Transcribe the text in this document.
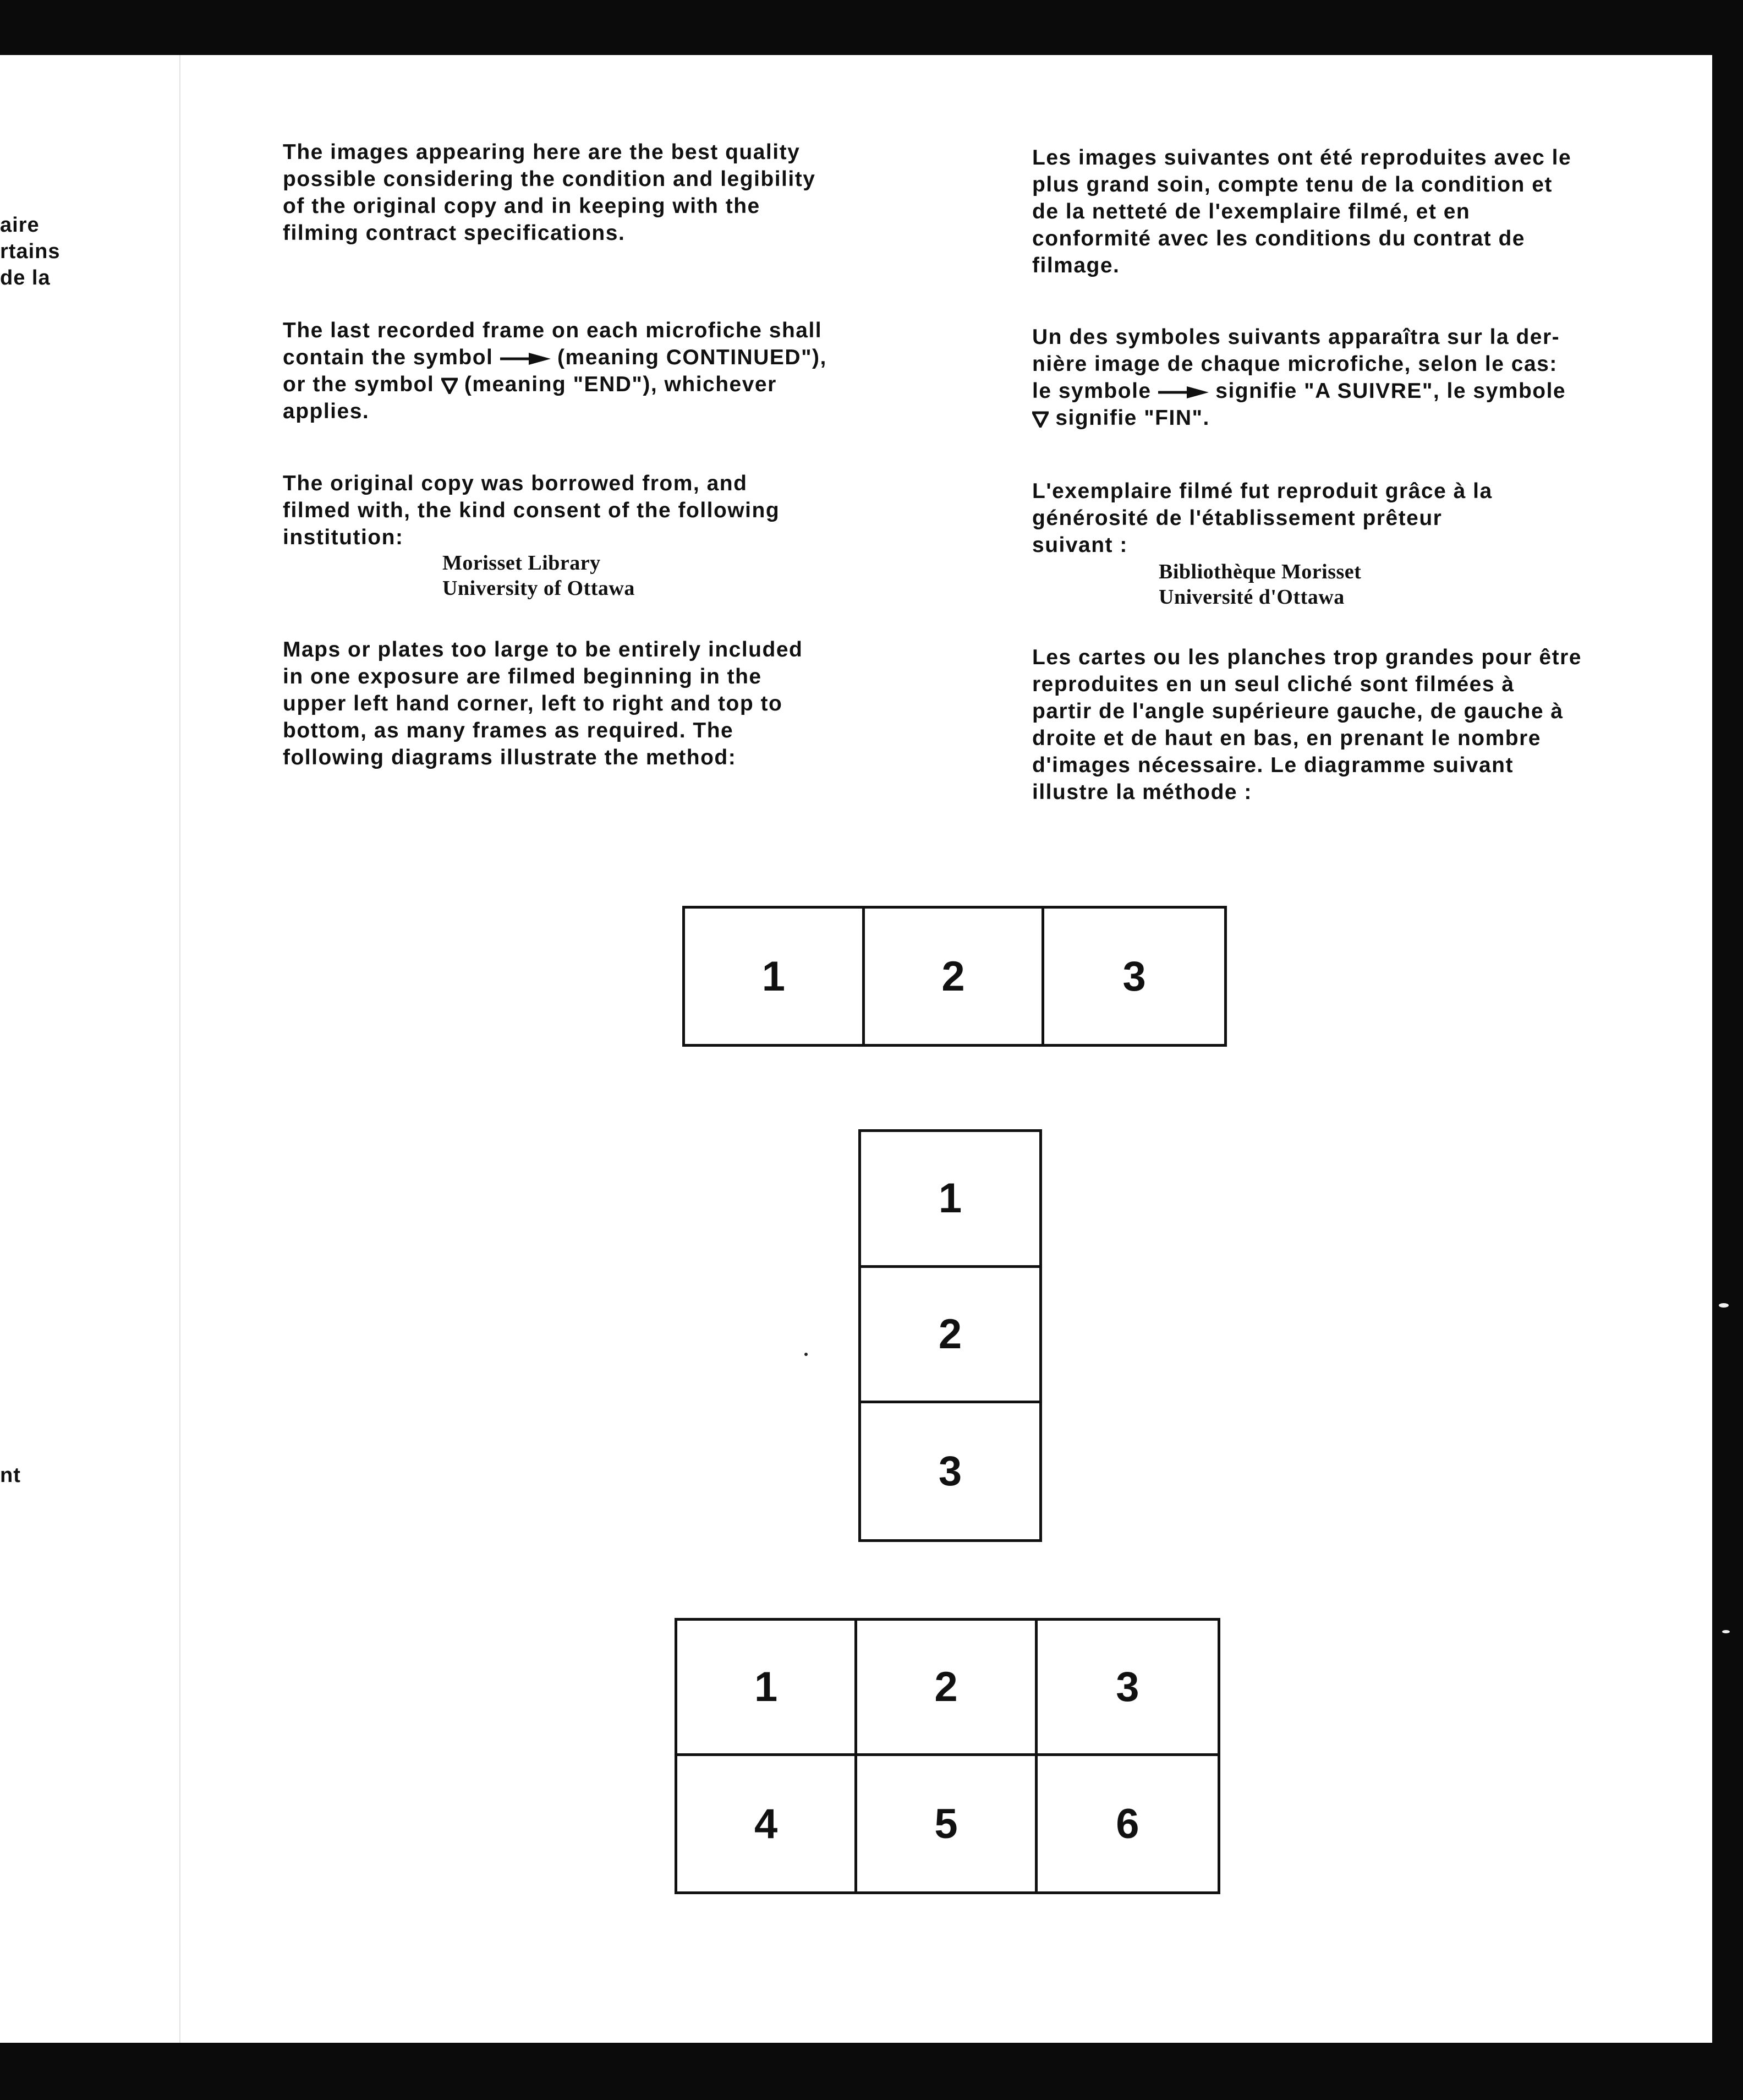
aire

rtains

de la

nt

The images appearing here are the best quality
possible considering the condition and legibility
of the original copy and in keeping with the
filming contract specifications.

The last recorded frame on each microfiche shall
contain the symbol	(meaning CONTINUED"),
or the symbol  (meaning "END"), whichever
applies.

The original copy was borrowed from, and
filmed with, the kind consent of the following
institution:

Morisset Library
University of Ottawa

Maps or plates too large to be entirely included
in one exposure are filmed beginning in the
upper left hand corner, left to right and top to
bottom, as many frames as required. The
following diagrams illustrate the method:

Les images suivantes ont été reproduites avec le
plus grand soin, compte tenu de la condition et
de la netteté de l'exemplaire filmé, et en
conformité avec les conditions du contrat de
filmage.

Un des symboles suivants apparaîtra sur la der-
nière image de chaque microfiche, selon le cas:
le symbole	signifie "A SUIVRE", le symbole
signifie "FIN".

L'exemplaire filmé fut reproduit grâce à la
générosité de l'établissement prêteur
suivant :

Bibliothèque Morisset
Université d'Ottawa

Les cartes ou les planches trop grandes pour être
reproduites en un seul cliché sont filmées à
partir de l'angle supérieure gauche, de gauche à
droite et de haut en bas, en prenant le nombre
d'images nécessaire. Le diagramme suivant
illustre la méthode :

1	2	3
1
2
3
1	2	3
4	5	6
